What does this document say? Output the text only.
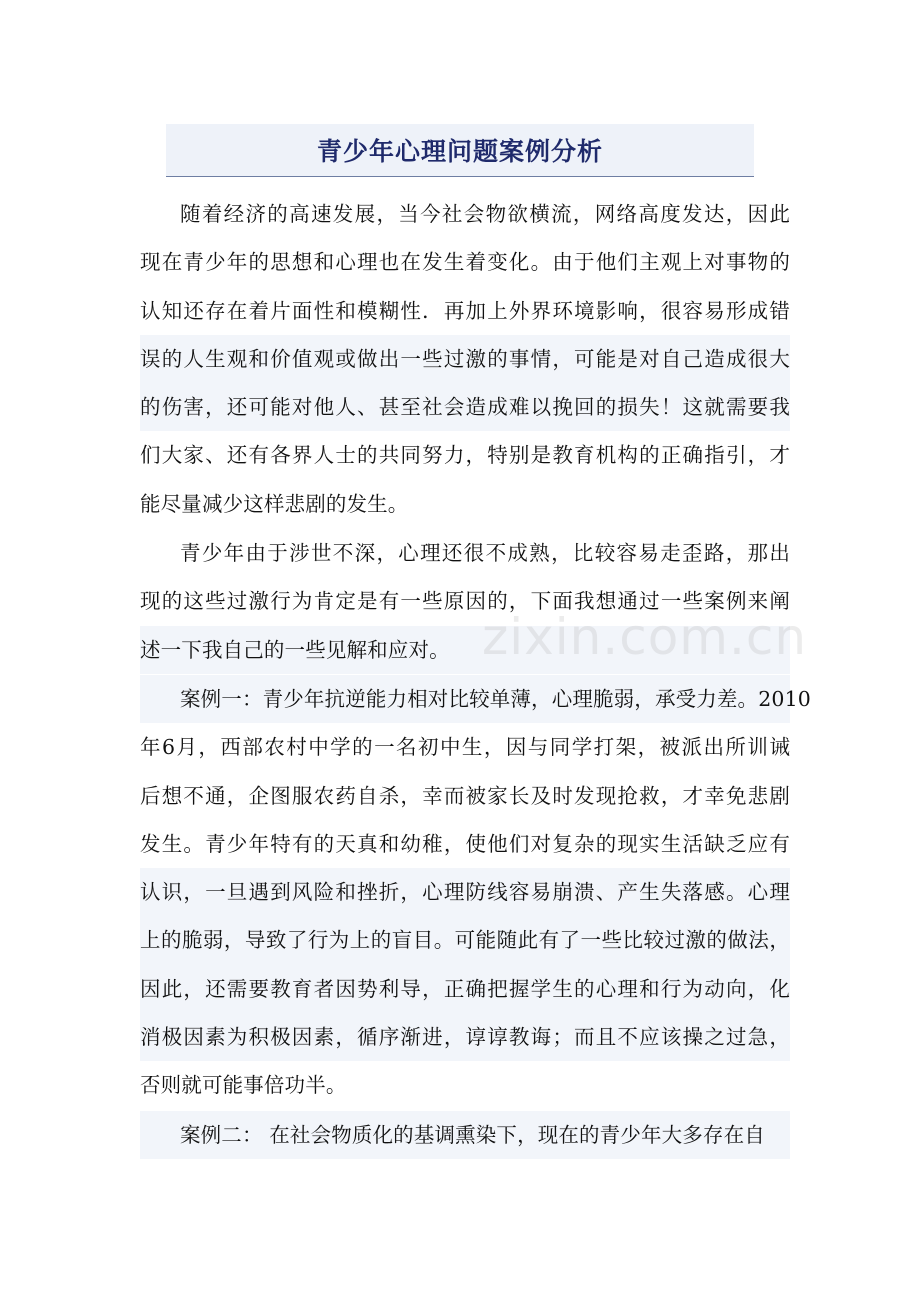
青少年心理问题案例分析
随着经济的高速发展，当今社会物欲横流，网络高度发达，因此
现在青少年的思想和心理也在发生着变化。由于他们主观上对事物的
认知还存在着片面性和模糊性．再加上外界环境影响，很容易形成错
误的人生观和价值观或做出一些过激的事情，可能是对自己造成很大
的伤害，还可能对他人、甚至社会造成难以挽回的损失！这就需要我
们大家、还有各界人士的共同努力，特别是教育机构的正确指引，才
能尽量减少这样悲剧的发生。
青少年由于涉世不深，心理还很不成熟，比较容易走歪路，那出
现的这些过激行为肯定是有一些原因的，下面我想通过一些案例来阐
述一下我自己的一些见解和应对。
案例一：青少年抗逆能力相对比较单薄，心理脆弱，承受力差。2010
年6月，西部农村中学的一名初中生，因与同学打架，被派出所训诫
后想不通，企图服农药自杀，幸而被家长及时发现抢救，才幸免悲剧
发生。青少年特有的天真和幼稚，使他们对复杂的现实生活缺乏应有
认识，一旦遇到风险和挫折，心理防线容易崩溃、产生失落感。心理
上的脆弱，导致了行为上的盲目。可能随此有了一些比较过激的做法，
因此，还需要教育者因势利导，正确把握学生的心理和行为动向，化
消极因素为积极因素，循序渐进，谆谆教诲；而且不应该操之过急，
否则就可能事倍功半。
案例二： 在社会物质化的基调熏染下，现在的青少年大多存在自
zixin.com.cn
